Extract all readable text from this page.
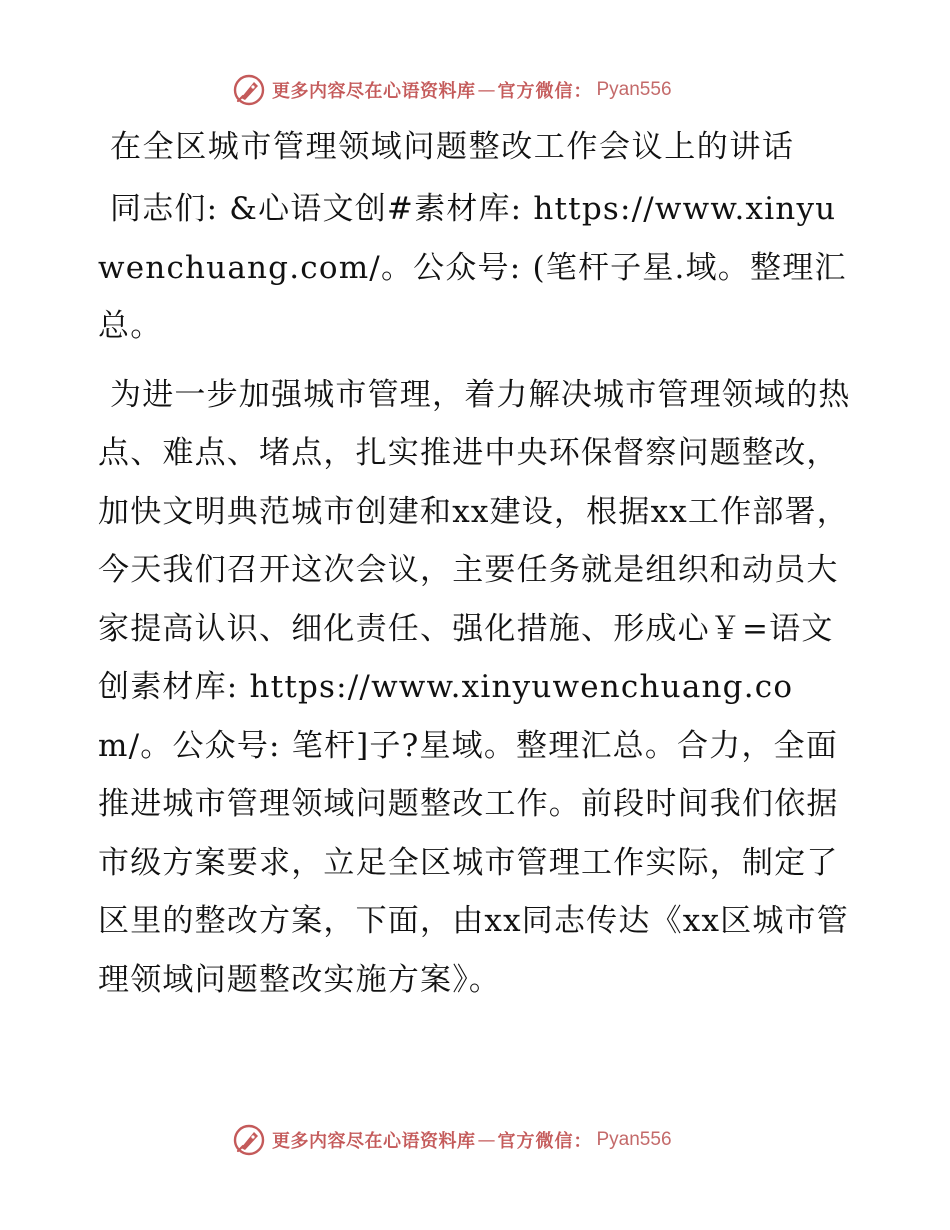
更多内容尽在心语资料库 — 官方微信： Pyan556
在全区城市管理领域问题整改工作会议上的讲话

同志们: &心语文创#素材库: https://www.xinyuwenchuang.com/。公众号: (笔杆子星.域。整理汇总。

为进一步加强城市管理，着力解决城市管理领域的热点、难点、堵点，扎实推进中央环保督察问题整改，加快文明典范城市创建和xx建设，根据xx工作部署，今天我们召开这次会议，主要任务就是组织和动员大家提高认识、细化责任、强化措施、形成心￥=语文创素材库: https://www.xinyuwenchuang.com/。公众号: 笔杆]子?星域。整理汇总。合力，全面推进城市管理领域问题整改工作。前段时间我们依据市级方案要求，立足全区城市管理工作实际，制定了区里的整改方案，下面，由xx同志传达《xx区城市管理领域问题整改实施方案》。

更多内容尽在心语资料库 — 官方微信： Pyan556
